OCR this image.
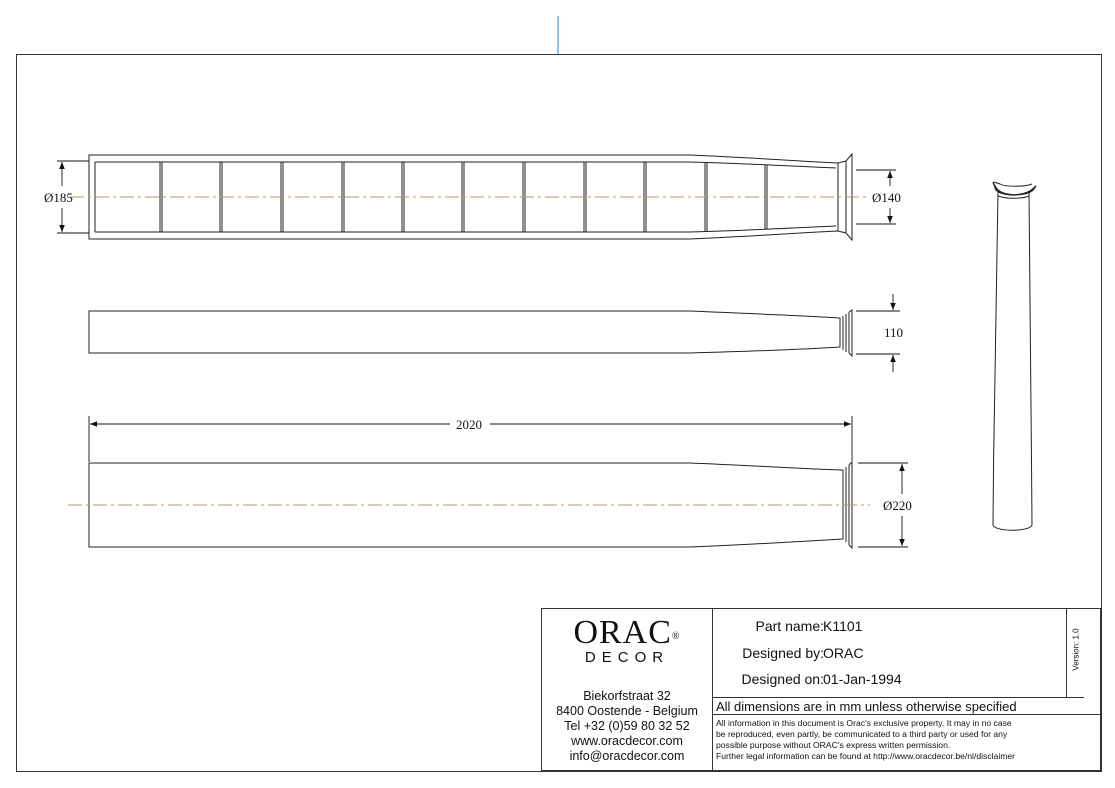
Ø185	Ø140
110
2020
Ø220
ORAC®
DECOR
Biekorfstraat 32
8400 Oostende - Belgium
Tel +32 (0)59 80 32 52
www.oracdecor.com
info@oracdecor.com
Part name: K1101
Designed by: ORAC
Designed on: 01-Jan-1994
Version: 1.0
All dimensions are in mm unless otherwise specified
All information in this document is Orac's exclusive property. It may in no case
be reproduced, even partly, be communicated to a third party or used for any
possible purpose without ORAC's express written permission.
Further legal information can be found at http://www.oracdecor.be/nl/disclaimer
